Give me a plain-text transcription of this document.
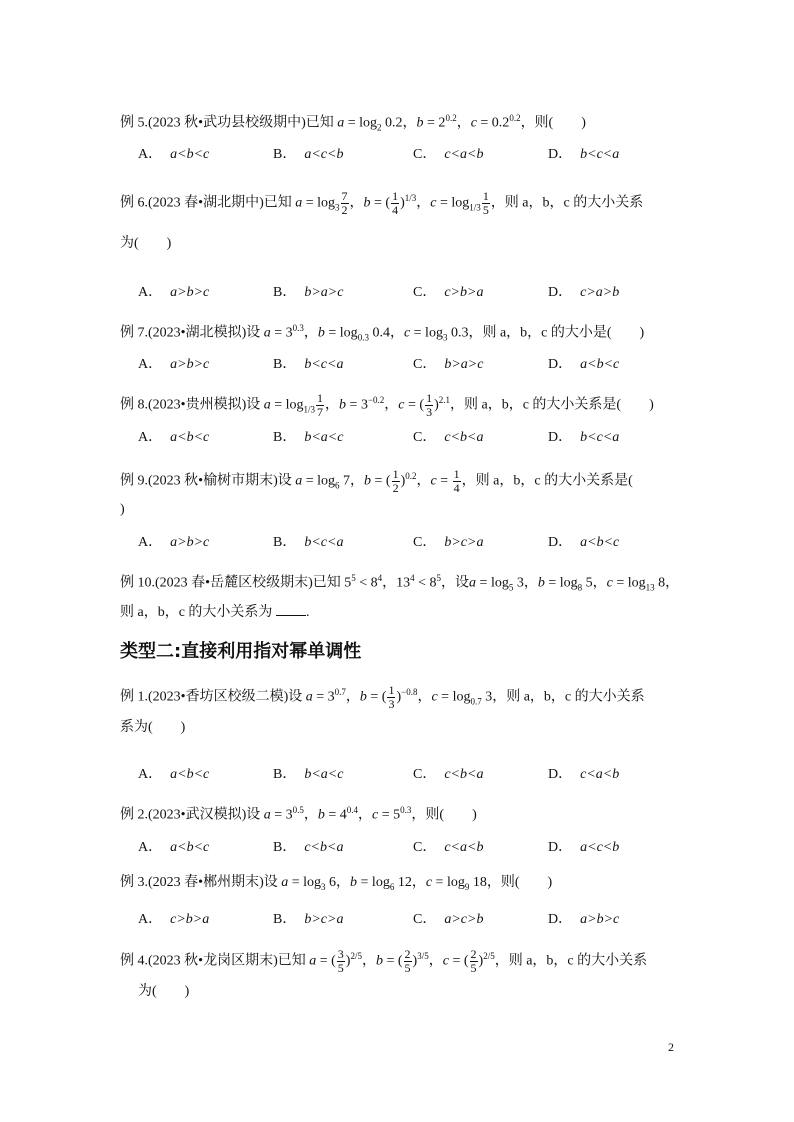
例 5.(2023 秋•武功县校级期中)已知 $a = \log_2 0.2$，$b = 2^{0.2}$，$c = 0.2^{0.2}$，则(　　)
A． a<b<c	B． a<c<b	C． c<a<b	D． b<c<a
例 6.(2023 春•湖北期中)已知 $a = \log_3 \frac{7}{2}$ ，b = ( $\frac{1}{4} )^{1/3}$，$c = \log_{1/3} \frac{1}{5}$ ，则 a，b，c 的大小关系
为(　　)
A． a>b>c	B． b>a>c	C． c>b>a	D． c>a>b
例 7.(2023•湖北模拟)设 $a = 3^{0.3}$，$b = \log_{0.3} 0.4$，$c = \log_3 0.3$，则 a，b，c 的大小是(　　)
A． a>b>c	B． b<c<a	C． b>a>c	D． a<b<c
例 8.(2023•贵州模拟)设 $a = \log_{1/3} \frac{1}{7}$ ，$b = 3^{-0.2}$，c = ( $\frac{1}{3} )^{2.1}$，则 a，b，c 的大小关系是(　　)
A． a<b<c	B． b<a<c	C． c<b<a	D． b<c<a
例 9.(2023 秋•榆树市期末)设 $a = \log_6 7$，b = ( $\frac{1}{2} )^{0.2}$，$c = \frac{1}{4}$ ，则 a，b，c 的大小关系是(
)
A． a>b>c	B． b<c<a	C． b>c>a	D． a<b<c
例 10.(2023 春•岳麓区校级期末)已知 $5^5 < 8^4$，$13^4 < 8^5$，设$a = \log_5 3$，$b = \log_8 5$，$c = \log_{13} 8$，
则 a，b，c 的大小关系为 .
类型二:直接利用指对幂单调性
例 1.(2023•香坊区校级二模)设 $a = 3^{0.7}$，b = ( $\frac{1}{3} )^{-0.8}$，$c = \log_{0.7} 3$，则 a，b，c 的大小关系
系为(　　)
A． a<b<c	B． b<a<c	C． c<b<a	D． c<a<b
例 2.(2023•武汉模拟)设 $a = 3^{0.5}$，$b = 4^{0.4}$，$c = 5^{0.3}$，则(　　)
A． a<b<c	B． c<b<a	C． c<a<b	D． a<c<b
例 3.(2023 春•郴州期末)设 $a = \log_3 6$，$b = \log_6 12$，$c = \log_9 18$，则(　　)
A． c>b>a	B． b>c>a	C． a>c>b	D． a>b>c
例 4.(2023 秋•龙岗区期末)已知 a = ( $\frac{3}{5} )^{2/5}$，b = ( $\frac{2}{5} )^{3/5}$，c = ( $\frac{2}{5} )^{2/5}$，则 a，b，c 的大小关系
为(　　)
2
